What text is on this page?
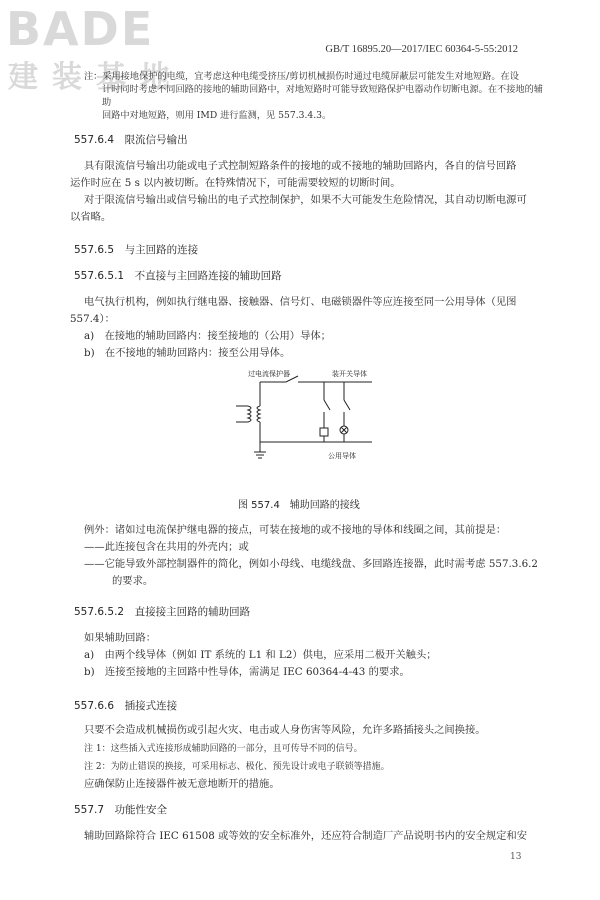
BADE
建装基地
GB/T 16895.20—2017/IEC 60364-5-55:2012
注：采用接地保护的电缆，宜考虑这种电缆受挤压/剪切机械损伤时通过电缆屏蔽层可能发生对地短路。在设
计时同时考虑不同回路的接地的辅助回路中，对地短路时可能导致短路保护电器动作切断电源。在不接地的辅助
回路中对地短路，则用 IMD 进行监测，见 557.3.4.3。
557.6.4　限流信号输出
具有限流信号输出功能或电子式控制短路条件的接地的或不接地的辅助回路内，各自的信号回路
运作时应在 5 s 以内被切断。在特殊情况下，可能需要较短的切断时间。
对于限流信号输出或信号输出的电子式控制保护，如果不大可能发生危险情况，其自动切断电源可
以省略。
557.6.5　与主回路的连接
557.6.5.1　不直接与主回路连接的辅助回路
电气执行机构，例如执行继电器、接触器、信号灯、电磁锁器件等应连接至同一公用导体（见图
557.4）：
a)　在接地的辅助回路内：接至接地的（公用）导体；
b)　在不接地的辅助回路内：接至公用导体。
过电流保护器	装开关导体
公用导体
图 557.4　辅助回路的接线
例外：诸如过电流保护继电器的接点，可装在接地的或不接地的导体和线圈之间，其前提是：
——此连接包含在共用的外壳内；或
——它能导致外部控制器件的简化，例如小母线、电缆线盘、多回路连接器，此时需考虑 557.3.6.2
的要求。
557.6.5.2　直接接主回路的辅助回路
如果辅助回路：
a)　由两个线导体（例如 IT 系统的 L1 和 L2）供电，应采用二极开关触头；
b)　连接至接地的主回路中性导体，需满足 IEC 60364-4-43 的要求。
557.6.6　插接式连接
只要不会造成机械损伤或引起火灾、电击或人身伤害等风险，允许多路插接头之间换接。
注 1：这些插入式连接形成辅助回路的一部分，且可传导不同的信号。
注 2：为防止错误的换接，可采用标志、极化、预先设计或电子联锁等措施。
应确保防止连接器件被无意地断开的措施。
557.7　功能性安全
辅助回路除符合 IEC 61508 或等效的安全标准外，还应符合制造厂产品说明书内的安全规定和安
13
